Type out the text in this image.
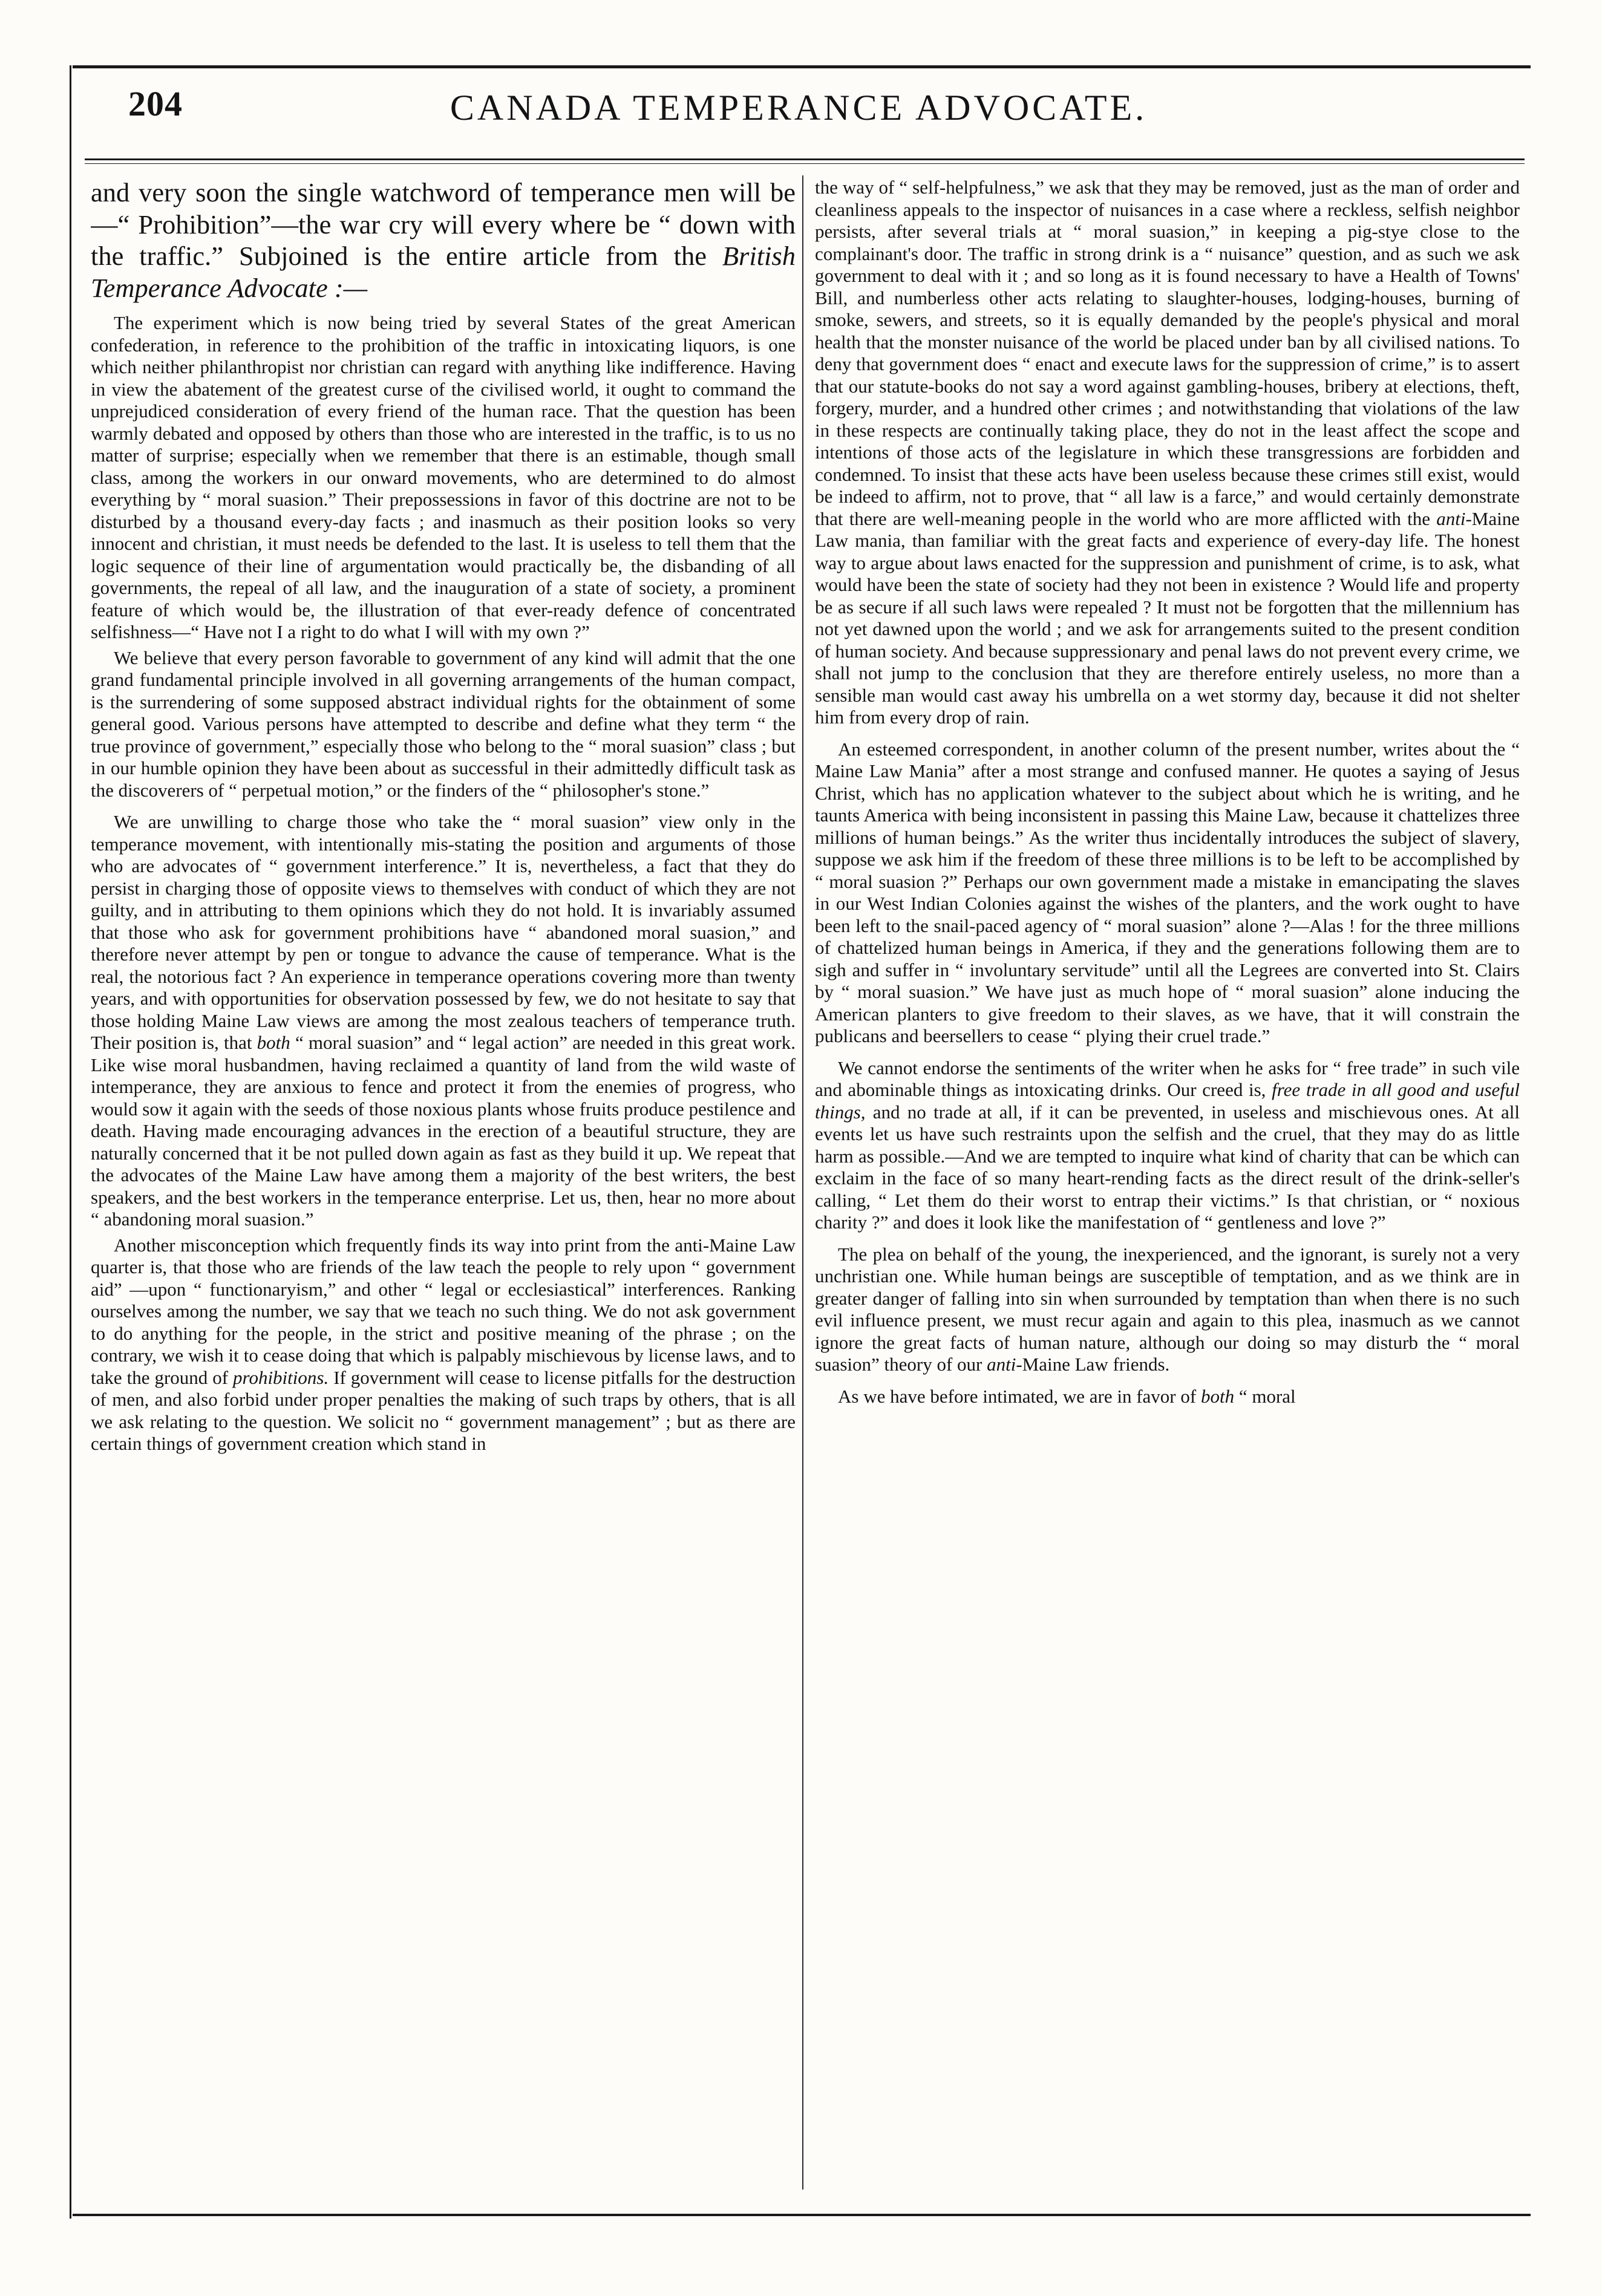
204	CANADA TEMPERANCE ADVOCATE.

and very soon the single watchword of temperance men will be—“ Prohibition”—the war cry will every where be “ down with the traffic.” Subjoined is the entire article from the British Temperance Advocate :—

The experiment which is now being tried by several States of the great American confederation, in reference to the prohibition of the traffic in intoxicating liquors, is one which neither philanthropist nor christian can regard with anything like indifference. Having in view the abatement of the greatest curse of the civilised world, it ought to command the unprejudiced consideration of every friend of the human race. That the question has been warmly debated and opposed by others than those who are interested in the traffic, is to us no matter of surprise; especially when we remember that there is an estimable, though small class, among the workers in our onward movements, who are determined to do almost everything by “ moral suasion.” Their prepossessions in favor of this doctrine are not to be disturbed by a thousand every-day facts ; and inasmuch as their position looks so very innocent and christian, it must needs be defended to the last. It is useless to tell them that the logic sequence of their line of argumentation would practically be, the disbanding of all governments, the repeal of all law, and the inauguration of a state of society, a prominent feature of which would be, the illustration of that ever-ready defence of concentrated selfishness—“ Have not I a right to do what I will with my own ?”

We believe that every person favorable to government of any kind will admit that the one grand fundamental principle involved in all governing arrangements of the human compact, is the surrendering of some supposed abstract individual rights for the obtainment of some general good. Various persons have attempted to describe and define what they term “ the true province of government,” especially those who belong to the “ moral suasion” class ; but in our humble opinion they have been about as successful in their admittedly difficult task as the discoverers of “ perpetual motion,” or the finders of the “ philosopher's stone.”

We are unwilling to charge those who take the “ moral suasion” view only in the temperance movement, with intentionally mis-stating the position and arguments of those who are advocates of “ government interference.” It is, nevertheless, a fact that they do persist in charging those of opposite views to themselves with conduct of which they are not guilty, and in attributing to them opinions which they do not hold. It is invariably assumed that those who ask for government prohibitions have “ abandoned moral suasion,” and therefore never attempt by pen or tongue to advance the cause of temperance. What is the real, the notorious fact ? An experience in temperance operations covering more than twenty years, and with opportunities for observation possessed by few, we do not hesitate to say that those holding Maine Law views are among the most zealous teachers of temperance truth. Their position is, that both “ moral suasion” and “ legal action” are needed in this great work. Like wise moral husbandmen, having reclaimed a quantity of land from the wild waste of intemperance, they are anxious to fence and protect it from the enemies of progress, who would sow it again with the seeds of those noxious plants whose fruits produce pestilence and death. Having made encouraging advances in the erection of a beautiful structure, they are naturally concerned that it be not pulled down again as fast as they build it up. We repeat that the advocates of the Maine Law have among them a majority of the best writers, the best speakers, and the best workers in the temperance enterprise. Let us, then, hear no more about “ abandoning moral suasion.”

Another misconception which frequently finds its way into print from the anti-Maine Law quarter is, that those who are friends of the law teach the people to rely upon “ government aid” —upon “ functionaryism,” and other “ legal or ecclesiastical” interferences. Ranking ourselves among the number, we say that we teach no such thing. We do not ask government to do anything for the people, in the strict and positive meaning of the phrase ; on the contrary, we wish it to cease doing that which is palpably mischievous by license laws, and to take the ground of prohibitions. If government will cease to license pitfalls for the destruction of men, and also forbid under proper penalties the making of such traps by others, that is all we ask relating to the question. We solicit no “ government management” ; but as there are certain things of government creation which stand in

the way of “ self-helpfulness,” we ask that they may be removed, just as the man of order and cleanliness appeals to the inspector of nuisances in a case where a reckless, selfish neighbor persists, after several trials at “ moral suasion,” in keeping a pig-stye close to the complainant's door. The traffic in strong drink is a “ nuisance” question, and as such we ask government to deal with it ; and so long as it is found necessary to have a Health of Towns' Bill, and numberless other acts relating to slaughter-houses, lodging-houses, burning of smoke, sewers, and streets, so it is equally demanded by the people's physical and moral health that the monster nuisance of the world be placed under ban by all civilised nations. To deny that government does “ enact and execute laws for the suppression of crime,” is to assert that our statute-books do not say a word against gambling-houses, bribery at elections, theft, forgery, murder, and a hundred other crimes ; and notwithstanding that violations of the law in these respects are continually taking place, they do not in the least affect the scope and intentions of those acts of the legislature in which these transgressions are forbidden and condemned. To insist that these acts have been useless because these crimes still exist, would be indeed to affirm, not to prove, that “ all law is a farce,” and would certainly demonstrate that there are well-meaning people in the world who are more afflicted with the anti-Maine Law mania, than familiar with the great facts and experience of every-day life. The honest way to argue about laws enacted for the suppression and punishment of crime, is to ask, what would have been the state of society had they not been in existence ? Would life and property be as secure if all such laws were repealed ? It must not be forgotten that the millennium has not yet dawned upon the world ; and we ask for arrangements suited to the present condition of human society. And because suppressionary and penal laws do not prevent every crime, we shall not jump to the conclusion that they are therefore entirely useless, no more than a sensible man would cast away his umbrella on a wet stormy day, because it did not shelter him from every drop of rain.

An esteemed correspondent, in another column of the present number, writes about the “ Maine Law Mania” after a most strange and confused manner. He quotes a saying of Jesus Christ, which has no application whatever to the subject about which he is writing, and he taunts America with being inconsistent in passing this Maine Law, because it chattelizes three millions of human beings.” As the writer thus incidentally introduces the subject of slavery, suppose we ask him if the freedom of these three millions is to be left to be accomplished by “ moral suasion ?” Perhaps our own government made a mistake in emancipating the slaves in our West Indian Colonies against the wishes of the planters, and the work ought to have been left to the snail-paced agency of “ moral suasion” alone ?—Alas ! for the three millions of chattelized human beings in America, if they and the generations following them are to sigh and suffer in “ involuntary servitude” until all the Legrees are converted into St. Clairs by “ moral suasion.” We have just as much hope of “ moral suasion” alone inducing the American planters to give freedom to their slaves, as we have, that it will constrain the publicans and beersellers to cease “ plying their cruel trade.”

We cannot endorse the sentiments of the writer when he asks for “ free trade” in such vile and abominable things as intoxicating drinks. Our creed is, free trade in all good and useful things, and no trade at all, if it can be prevented, in useless and mischievous ones. At all events let us have such restraints upon the selfish and the cruel, that they may do as little harm as possible.—And we are tempted to inquire what kind of charity that can be which can exclaim in the face of so many heart-rending facts as the direct result of the drink-seller's calling, “ Let them do their worst to entrap their victims.” Is that christian, or “ noxious charity ?” and does it look like the manifestation of “ gentleness and love ?”

The plea on behalf of the young, the inexperienced, and the ignorant, is surely not a very unchristian one. While human beings are susceptible of temptation, and as we think are in greater danger of falling into sin when surrounded by temptation than when there is no such evil influence present, we must recur again and again to this plea, inasmuch as we cannot ignore the great facts of human nature, although our doing so may disturb the “ moral suasion” theory of our anti-Maine Law friends.

As we have before intimated, we are in favor of both “ moral
